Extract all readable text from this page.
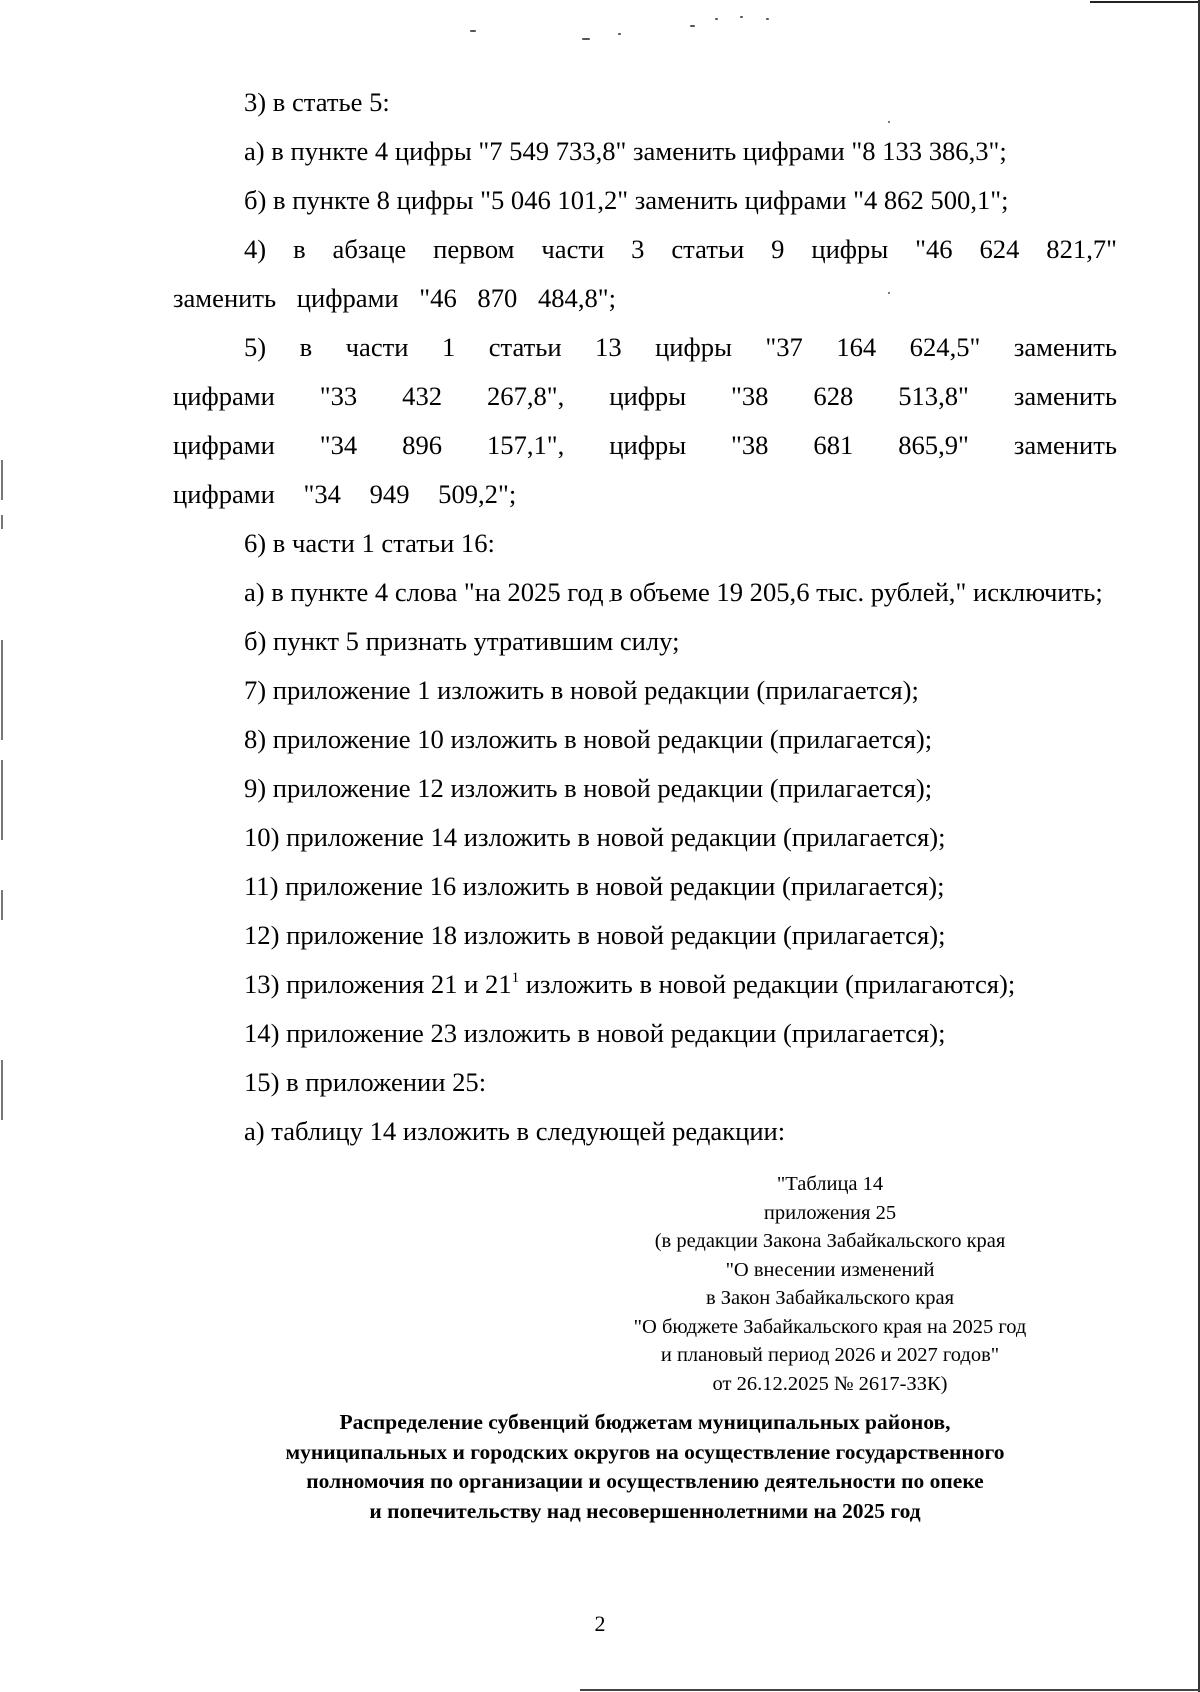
3) в статье 5:

а) в пункте 4 цифры "7 549 733,8" заменить цифрами "8 133 386,3";

б) в пункте 8 цифры "5 046 101,2" заменить цифрами "4 862 500,1";

4) в абзаце первом части 3 статьи 9 цифры "46 624 821,7" заменить цифрами "46 870 484,8";

5) в части 1 статьи 13 цифры "37 164 624,5" заменить цифрами "33 432 267,8", цифры "38 628 513,8" заменить цифрами "34 896 157,1", цифры "38 681 865,9" заменить цифрами "34 949 509,2";

6) в части 1 статьи 16:

а) в пункте 4 слова "на 2025 год в объеме 19 205,6 тыс. рублей," исключить;

б) пункт 5 признать утратившим силу;

7) приложение 1 изложить в новой редакции (прилагается);

8) приложение 10 изложить в новой редакции (прилагается);

9) приложение 12 изложить в новой редакции (прилагается);

10) приложение 14 изложить в новой редакции (прилагается);

11) приложение 16 изложить в новой редакции (прилагается);

12) приложение 18 изложить в новой редакции (прилагается);

13) приложения 21 и $21^1$ изложить в новой редакции (прилагаются);

14) приложение 23 изложить в новой редакции (прилагается);

15) в приложении 25:

а) таблицу 14 изложить в следующей редакции:

"Таблица 14
приложения 25
(в редакции Закона Забайкальского края
"О внесении изменений
в Закон Забайкальского края
"О бюджете Забайкальского края на 2025 год
и плановый период 2026 и 2027 годов"
от 26.12.2025 № 2617-ЗЗК)
Распределение субвенций бюджетам муниципальных районов,
муниципальных и городских округов на осуществление государственного
полномочия по организации и осуществлению деятельности по опеке
и попечительству над несовершеннолетними на 2025 год
2
